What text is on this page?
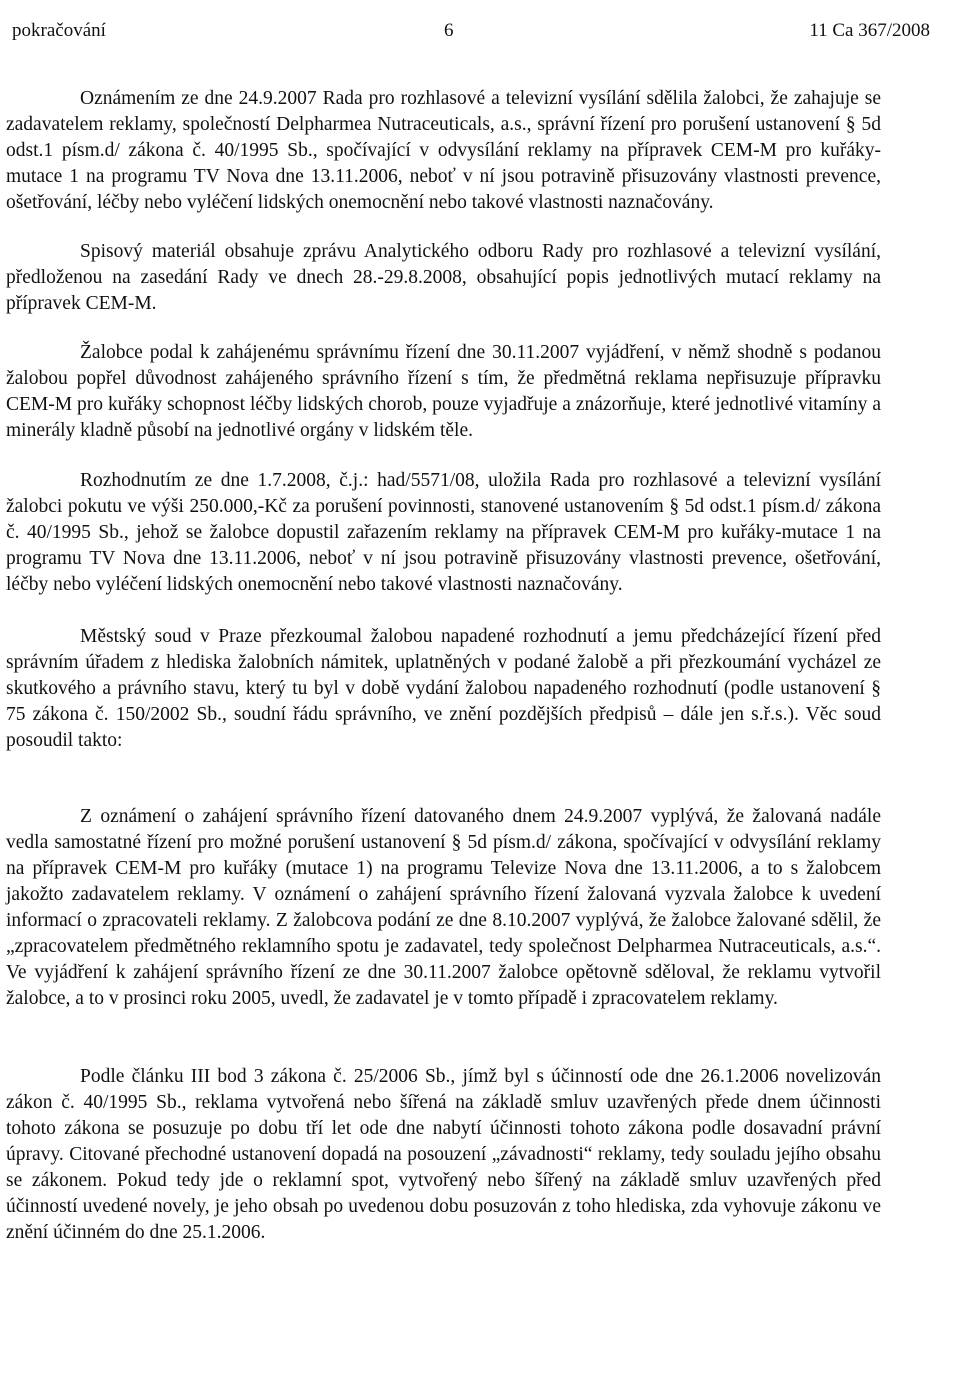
pokračování	6	11 Ca 367/2008

Oznámením ze dne 24.9.2007 Rada pro rozhlasové a televizní vysílání sdělila žalobci, že zahajuje se zadavatelem reklamy, společností Delpharmea Nutraceuticals, a.s., správní řízení pro porušení ustanovení § 5d odst.1 písm.d/ zákona č. 40/1995 Sb., spočívající v odvysílání reklamy na přípravek CEM-M pro kuřáky-mutace 1 na programu TV Nova dne 13.11.2006, neboť v ní jsou potravině přisuzovány vlastnosti prevence, ošetřování, léčby nebo vyléčení lidských onemocnění nebo takové vlastnosti naznačovány.

Spisový materiál obsahuje zprávu Analytického odboru Rady pro rozhlasové a televizní vysílání, předloženou na zasedání Rady ve dnech 28.-29.8.2008, obsahující popis jednotlivých mutací reklamy na přípravek CEM-M.

Žalobce podal k zahájenému správnímu řízení dne 30.11.2007 vyjádření, v němž shodně s podanou žalobou popřel důvodnost zahájeného správního řízení s tím, že předmětná reklama nepřisuzuje přípravku CEM-M pro kuřáky schopnost léčby lidských chorob, pouze vyjadřuje a znázorňuje, které jednotlivé vitamíny a minerály kladně působí na jednotlivé orgány v lidském těle.

Rozhodnutím ze dne 1.7.2008, č.j.: had/5571/08, uložila Rada pro rozhlasové a televizní vysílání žalobci pokutu ve výši 250.000,-Kč za porušení povinnosti, stanovené ustanovením § 5d odst.1 písm.d/ zákona č. 40/1995 Sb., jehož se žalobce dopustil zařazením reklamy na přípravek CEM-M pro kuřáky-mutace 1 na programu TV Nova dne 13.11.2006, neboť v ní jsou potravině přisuzovány vlastnosti prevence, ošetřování, léčby nebo vyléčení lidských onemocnění nebo takové vlastnosti naznačovány.

Městský soud v Praze přezkoumal žalobou napadené rozhodnutí a jemu předcházející řízení před správním úřadem z hlediska žalobních námitek, uplatněných v podané žalobě a při přezkoumání vycházel ze skutkového a právního stavu, který tu byl v době vydání žalobou napadeného rozhodnutí (podle ustanovení § 75 zákona č. 150/2002 Sb., soudní řádu správního, ve znění pozdějších předpisů – dále jen s.ř.s.). Věc soud posoudil takto:

Z oznámení o zahájení správního řízení datovaného dnem 24.9.2007 vyplývá, že žalovaná nadále vedla samostatné řízení pro možné porušení ustanovení § 5d písm.d/ zákona, spočívající v odvysílání reklamy na přípravek CEM-M pro kuřáky (mutace 1) na programu Televize Nova dne 13.11.2006, a to s žalobcem jakožto zadavatelem reklamy. V oznámení o zahájení správního řízení žalovaná vyzvala žalobce k uvedení informací o zpracovateli reklamy. Z žalobcova podání ze dne 8.10.2007 vyplývá, že žalobce žalované sdělil, že „zpracovatelem předmětného reklamního spotu je zadavatel, tedy společnost Delpharmea Nutraceuticals, a.s.“. Ve vyjádření k zahájení správního řízení ze dne 30.11.2007 žalobce opětovně sděloval, že reklamu vytvořil žalobce, a to v prosinci roku 2005, uvedl, že zadavatel je v tomto případě i zpracovatelem reklamy.

Podle článku III bod 3 zákona č. 25/2006 Sb., jímž byl s účinností ode dne 26.1.2006 novelizován zákon č. 40/1995 Sb., reklama vytvořená nebo šířená na základě smluv uzavřených přede dnem účinnosti tohoto zákona se posuzuje po dobu tří let ode dne nabytí účinnosti tohoto zákona podle dosavadní právní úpravy. Citované přechodné ustanovení dopadá na posouzení „závadnosti“ reklamy, tedy souladu jejího obsahu se zákonem. Pokud tedy jde o reklamní spot, vytvořený nebo šířený na základě smluv uzavřených před účinností uvedené novely, je jeho obsah po uvedenou dobu posuzován z toho hlediska, zda vyhovuje zákonu ve znění účinném do dne 25.1.2006.
